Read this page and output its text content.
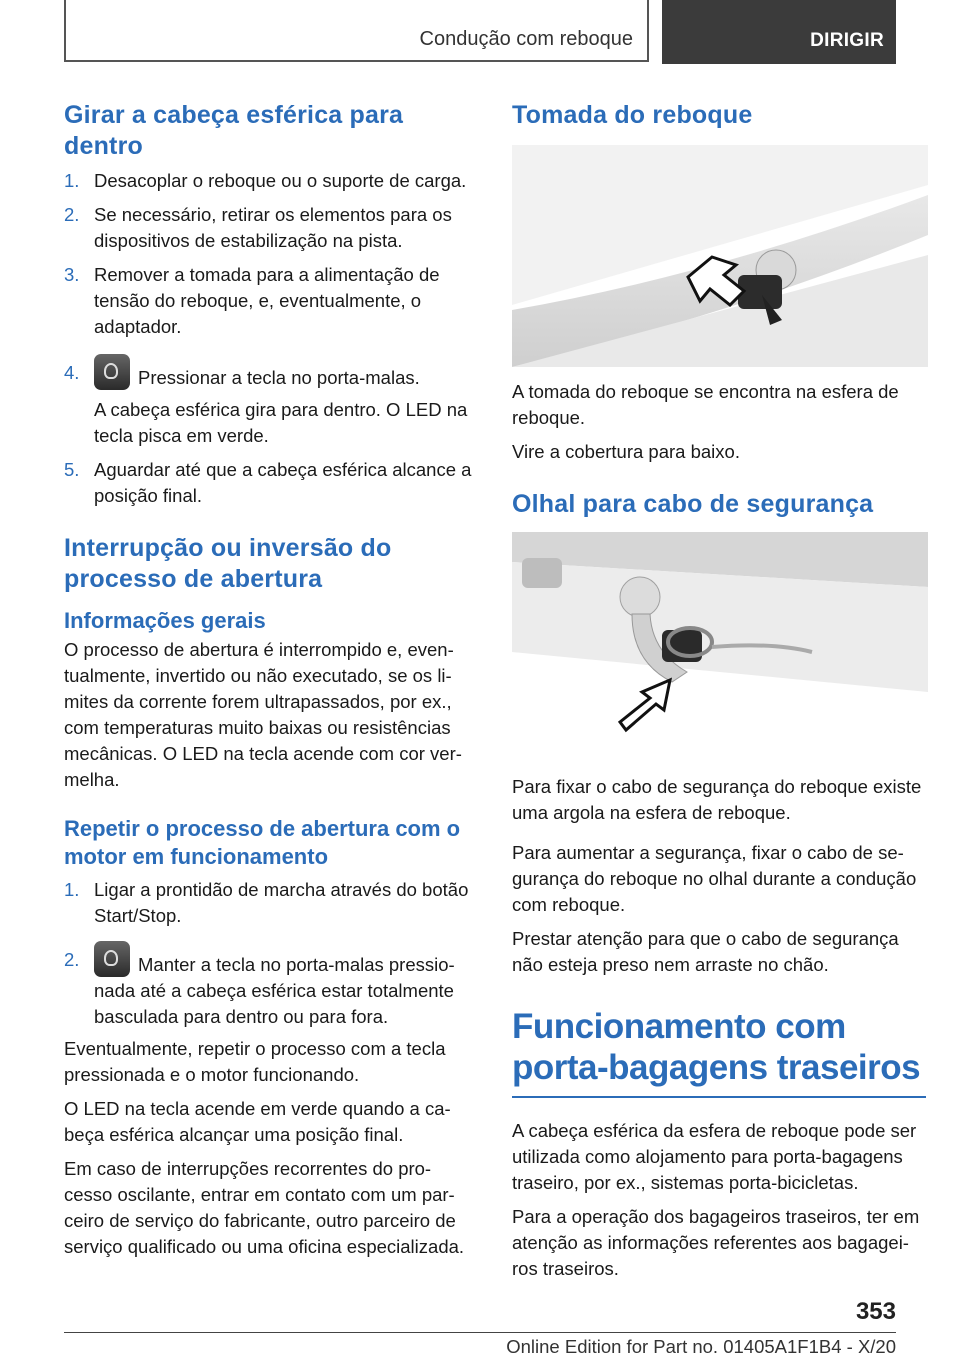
Condução com reboque	DIRIGIR
Girar a cabeça esférica para dentro
1. Desacoplar o reboque ou o suporte de carga.
2. Se necessário, retirar os elementos para os dispositivos de estabilização na pista.
3. Remover a tomada para a alimentação de tensão do reboque, e, eventualmente, o adaptador.
4.	Pressionar a tecla no porta-malas.

A cabeça esférica gira para dentro. O LED na tecla pisca em verde.

5. Aguardar até que a cabeça esférica alcance a posição final.
Interrupção ou inversão do processo de abertura
Informações gerais

O processo de abertura é interrompido e, even-tualmente, invertido ou não executado, se os li-mites da corrente forem ultrapassados, por ex., com temperaturas muito baixas ou resistências mecânicas. O LED na tecla acende com cor ver-melha.

Repetir o processo de abertura com o motor em funcionamento
1. Ligar a prontidão de marcha através do botão Start/Stop.
2.	Manter a tecla no porta-malas pressio-nada até a cabeça esférica estar totalmente basculada para dentro ou para fora.

Eventualmente, repetir o processo com a tecla pressionada e o motor funcionando.

O LED na tecla acende em verde quando a ca-beça esférica alcançar uma posição final.

Em caso de interrupções recorrentes do pro-cesso oscilante, entrar em contato com um par-ceiro de serviço do fabricante, outro parceiro de serviço qualificado ou uma oficina especializada.

Tomada do reboque

A tomada do reboque se encontra na esfera de reboque.

Vire a cobertura para baixo.

Olhal para cabo de segurança

Para fixar o cabo de segurança do reboque existe uma argola na esfera de reboque.

Para aumentar a segurança, fixar o cabo de se-gurança do reboque no olhal durante a condução com reboque.

Prestar atenção para que o cabo de segurança não esteja preso nem arraste no chão.

Funcionamento com porta-bagagens traseiros

A cabeça esférica da esfera de reboque pode ser utilizada como alojamento para porta-bagagens traseiro, por ex., sistemas porta-bicicletas.

Para a operação dos bagageiros traseiros, ter em atenção as informações referentes aos bagagei-ros traseiros.

353
Online Edition for Part no. 01405A1F1B4 - X/20
